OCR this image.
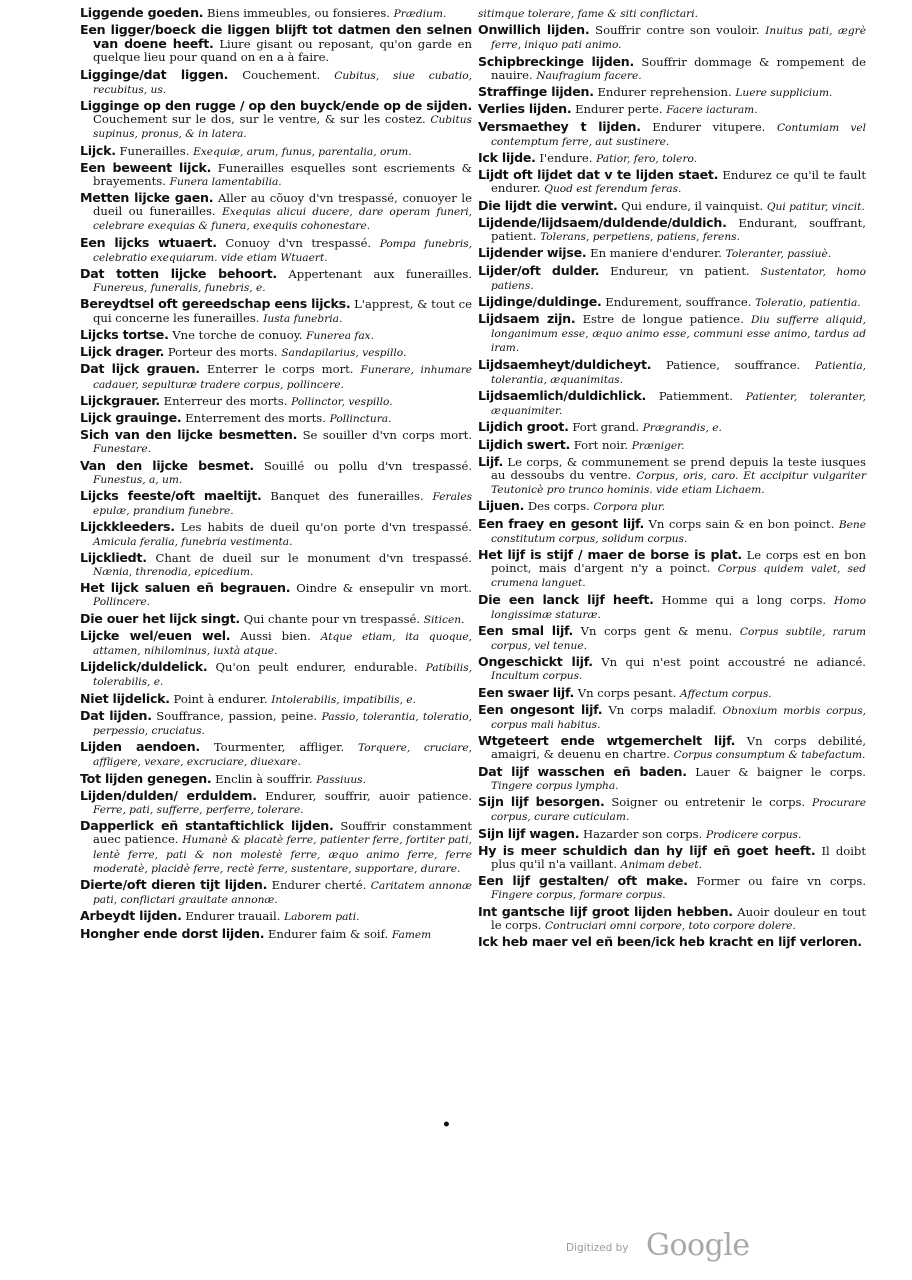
Liggende goeden. Biens immeubles, ou fonsieres. Prædium.

Een ligger/boeck die liggen blijft tot datmen den selnen van doene heeft. Liure gisant ou reposant, qu'on garde en quelque lieu pour quand on en a à faire.

Ligginge/dat liggen. Couchement. Cubitus, siue cubatio, recubitus, us.

Ligginge op den rugge / op den buyck/ende op de sijden. Couchement sur le dos, sur le ventre, & sur les costez. Cubitus supinus, pronus, & in latera.

Lijck. Funerailles. Exequiæ, arum, funus, parentalia, orum.

Een beweent lijck. Funerailles esquelles sont escriements & brayements. Funera lamentabilia.

Metten lijcke gaen. Aller au cõuoy d'vn trespassé, conuoyer le dueil ou funerailles. Exequias alicui ducere, dare operam funeri, celebrare exequias & funera, exequiis cohonestare.

Een lijcks wtuaert. Conuoy d'vn trespassé. Pompa funebris, celebratio exequiarum. vide etiam Wtuaert.

Dat totten lijcke behoort. Appertenant aux funerailles. Funereus, funeralis, funebris, e.

Bereydtsel oft gereedschap eens lijcks. L'apprest, & tout ce qui concerne les funerailles. Iusta funebria.

Lijcks tortse. Vne torche de conuoy. Funerea fax.

Lijck drager. Porteur des morts. Sandapilarius, vespillo.

Dat lijck grauen. Enterrer le corps mort. Funerare, inhumare cadauer, sepulturæ tradere corpus, pollincere.

Lijckgrauer. Enterreur des morts. Pollinctor, vespillo.

Lijck grauinge. Enterrement des morts. Pollinctura.

Sich van den lijcke besmetten. Se souiller d'vn corps mort. Funestare.

Van den lijcke besmet. Souillé ou pollu d'vn trespassé. Funestus, a, um.

Lijcks feeste/oft maeltijt. Banquet des funerailles. Ferales epulæ, prandium funebre.

Lijckkleeders. Les habits de dueil qu'on porte d'vn trespassé. Amicula feralia, funebria vestimenta.

Lijckliedt. Chant de dueil sur le monument d'vn trespassé. Nænia, threnodia, epicedium.

Het lijck saluen eñ begrauen. Oindre & ensepulir vn mort. Pollincere.

Die ouer het lijck singt. Qui chante pour vn trespassé. Siticen.

Lijcke wel/euen wel. Aussi bien. Atque etiam, ita quoque, attamen, nihilominus, iuxtà atque.

Lijdelick/duldelick. Qu'on peult endurer, endurable. Patibilis, tolerabilis, e.

Niet lijdelick. Point à endurer. Intolerabilis, impatibilis, e.

Dat lijden. Souffrance, passion, peine. Passio, tolerantia, toleratio, perpessio, cruciatus.

Lijden aendoen. Tourmenter, affliger. Torquere, cruciare, affligere, vexare, excruciare, diuexare.

Tot lijden genegen. Enclin à souffrir. Passiuus.

Lijden/dulden/ erduldem. Endurer, souffrir, auoir patience. Ferre, pati, sufferre, perferre, tolerare.

Dapperlick eñ stantaftichlick lijden. Souffrir constamment auec patience. Humanè & placatè ferre, patienter ferre, fortiter pati, lentè ferre, pati & non molestè ferre, æquo animo ferre, ferre moderatè, placidè ferre, rectè ferre, sustentare, supportare, durare.

Dierte/oft dieren tijt lijden. Endurer cherté. Caritatem annonæ pati, conflictari grauitate annonæ.

Arbeydt lijden. Endurer trauail. Laborem pati.

Hongher ende dorst lijden. Endurer faim & soif. Famem

sitimque tolerare, fame & siti conflictari.

Onwillich lijden. Souffrir contre son vouloir. Inuitus pati, ægrè ferre, iniquo pati animo.

Schipbreckinge lijden. Souffrir dommage & rompement de nauire. Naufragium facere.

Straffinge lijden. Endurer reprehension. Luere supplicium.

Verlies lijden. Endurer perte. Facere iacturam.

Versmaethey t lijden. Endurer vitupere. Contumiam vel contemptum ferre, aut sustinere.

Ick lijde. I'endure. Patior, fero, tolero.

Lijdt oft lijdet dat v te lijden staet. Endurez ce qu'il te fault endurer. Quod est ferendum feras.

Die lijdt die verwint. Qui endure, il vainquist. Qui patitur, vincit.

Lijdende/lijdsaem/duldende/duldich. Endurant, souffrant, patient. Tolerans, perpetiens, patiens, ferens.

Lijdender wijse. En maniere d'endurer. Toleranter, passiuè.

Lijder/oft dulder. Endureur, vn patient. Sustentator, homo patiens.

Lijdinge/duldinge. Endurement, souffrance. Toleratio, patientia.

Lijdsaem zijn. Estre de longue patience. Diu sufferre aliquid, longanimum esse, æquo animo esse, communi esse animo, tardus ad iram.

Lijdsaemheyt/duldicheyt. Patience, souffrance. Patientia, tolerantia, æquanimitas.

Lijdsaemlich/duldichlick. Patiemment. Patienter, toleranter, æquanimiter.

Lijdich groot. Fort grand. Prægrandis, e.

Lijdich swert. Fort noir. Præniger.

Lijf. Le corps, & communement se prend depuis la teste iusques au dessoubs du ventre. Corpus, oris, caro. Et accipitur vulgariter Teutonicè pro trunco hominis. vide etiam Lichaem.

Lijuen. Des corps. Corpora plur.

Een fraey en gesont lijf. Vn corps sain & en bon poinct. Bene constitutum corpus, solidum corpus.

Het lijf is stijf / maer de borse is plat. Le corps est en bon poinct, mais d'argent n'y a poinct. Corpus quidem valet, sed crumena languet.

Die een lanck lijf heeft. Homme qui a long corps. Homo longissimæ staturæ.

Een smal lijf. Vn corps gent & menu. Corpus subtile, rarum corpus, vel tenue.

Ongeschickt lijf. Vn qui n'est point accoustré ne adiancé. Incultum corpus.

Een swaer lijf. Vn corps pesant. Affectum corpus.

Een ongesont lijf. Vn corps maladif. Obnoxium morbis corpus, corpus mali habitus.

Wtgeteert ende wtgemerchelt lijf. Vn corps debilité, amaigri, & deuenu en chartre. Corpus consumptum & tabefactum.

Dat lijf wasschen eñ baden. Lauer & baigner le corps. Tingere corpus lympha.

Sijn lijf besorgen. Soigner ou entretenir le corps. Procurare corpus, curare cuticulam.

Sijn lijf wagen. Hazarder son corps. Prodicere corpus.

Hy is meer schuldich dan hy lijf eñ goet heeft. Il doibt plus qu'il n'a vaillant. Animam debet.

Een lijf gestalten/ oft make. Former ou faire vn corps. Fingere corpus, formare corpus.

Int gantsche lijf groot lijden hebben. Auoir douleur en tout le corps. Contruciari omni corpore, toto corpore dolere.

Ick heb maer vel eñ been/ick heb kracht en lijf verloren.

•
Digitized by Google
